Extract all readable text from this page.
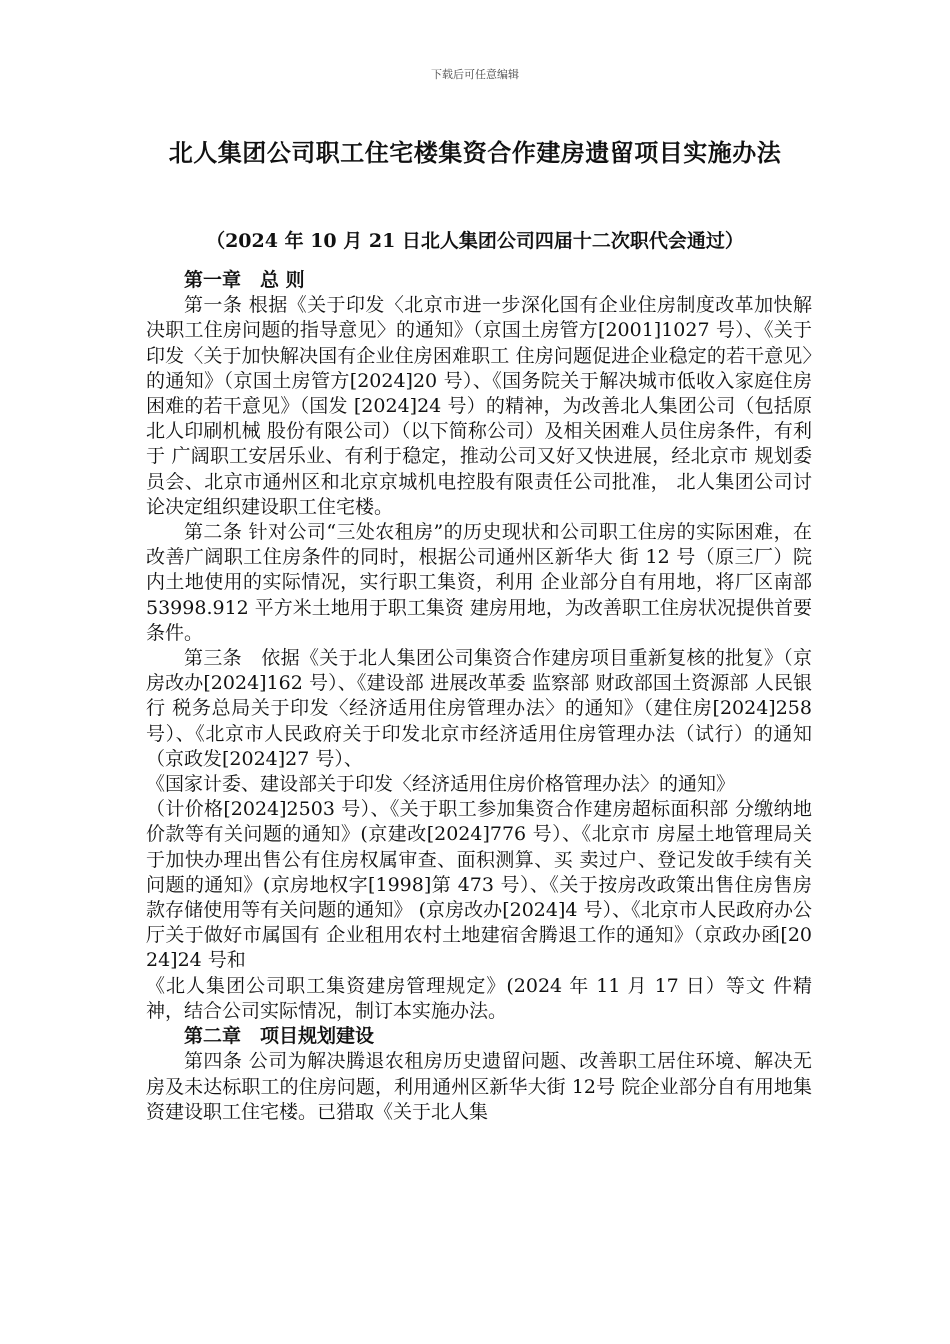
下载后可任意编辑
北人集团公司职工住宅楼集资合作建房遗留项目实施办法
（2024 年 10 月 21 日北人集团公司四届十二次职代会通过）

第一章　总 则

第一条 根据《关于印发〈北京市进一步深化国有企业住房制度改革加快解决职工住房问题的指导意见〉的通知》（京国土房管方[2001]1027 号）、《关于印发〈关于加快解决国有企业住房困难职工 住房问题促进企业稳定的若干意见〉的通知》（京国土房管方[2024]20 号）、《国务院关于解决城市低收入家庭住房困难的若干意见》（国发 [2024]24 号）的精神，为改善北人集团公司（包括原北人印刷机械 股份有限公司）（以下简称公司）及相关困难人员住房条件，有利于 广阔职工安居乐业、有利于稳定，推动公司又好又快进展，经北京市 规划委员会、北京市通州区和北京京城机电控股有限责任公司批准， 北人集团公司讨论决定组织建设职工住宅楼。

第二条 针对公司“三处农租房”的历史现状和公司职工住房的实际困难，在改善广阔职工住房条件的同时，根据公司通州区新华大 街 12 号（原三厂）院内土地使用的实际情况，实行职工集资，利用 企业部分自有用地，将厂区南部 53998.912 平方米土地用于职工集资 建房用地，为改善职工住房状况提供首要条件。

第三条　依据《关于北人集团公司集资合作建房项目重新复核的批复》（京房改办[2024]162 号）、《建设部 进展改革委 监察部 财政部国土资源部 人民银行 税务总局关于印发〈经济适用住房管理办法〉的通知》（建住房[2024]258 号）、《北京市人民政府关于印发北京市经济适用住房管理办法（试行）的通知（京政发[2024]27 号）、

《国家计委、建设部关于印发〈经济适用住房价格管理办法〉的通知》

（计价格[2024]2503 号）、《关于职工参加集资合作建房超标面积部 分缴纳地价款等有关问题的通知》(京建改[2024]776 号）、《北京市 房屋土地管理局关于加快办理出售公有住房权属审查、面积测算、买 卖过户、登记发敀手续有关问题的通知》(京房地权字[1998]第 473 号）、《关于按房改政策出售住房售房款存储使用等有关问题的通知》 (京房改办[2024]4 号）、《北京市人民政府办公厅关于做好市属国有 企业租用农村土地建宿舍腾退工作的通知》（京政办函[2024]24 号和

《北人集团公司职工集资建房管理规定》(2024 年 11 月 17 日）等文 件精神，结合公司实际情况，制订本实施办法。

第二章　项目规划建设

第四条 公司为解决腾退农租房历史遗留问题、改善职工居住环境、解决无房及未达标职工的住房问题，利用通州区新华大街 12号 院企业部分自有用地集资建设职工住宅楼。已猎取《关于北人集
